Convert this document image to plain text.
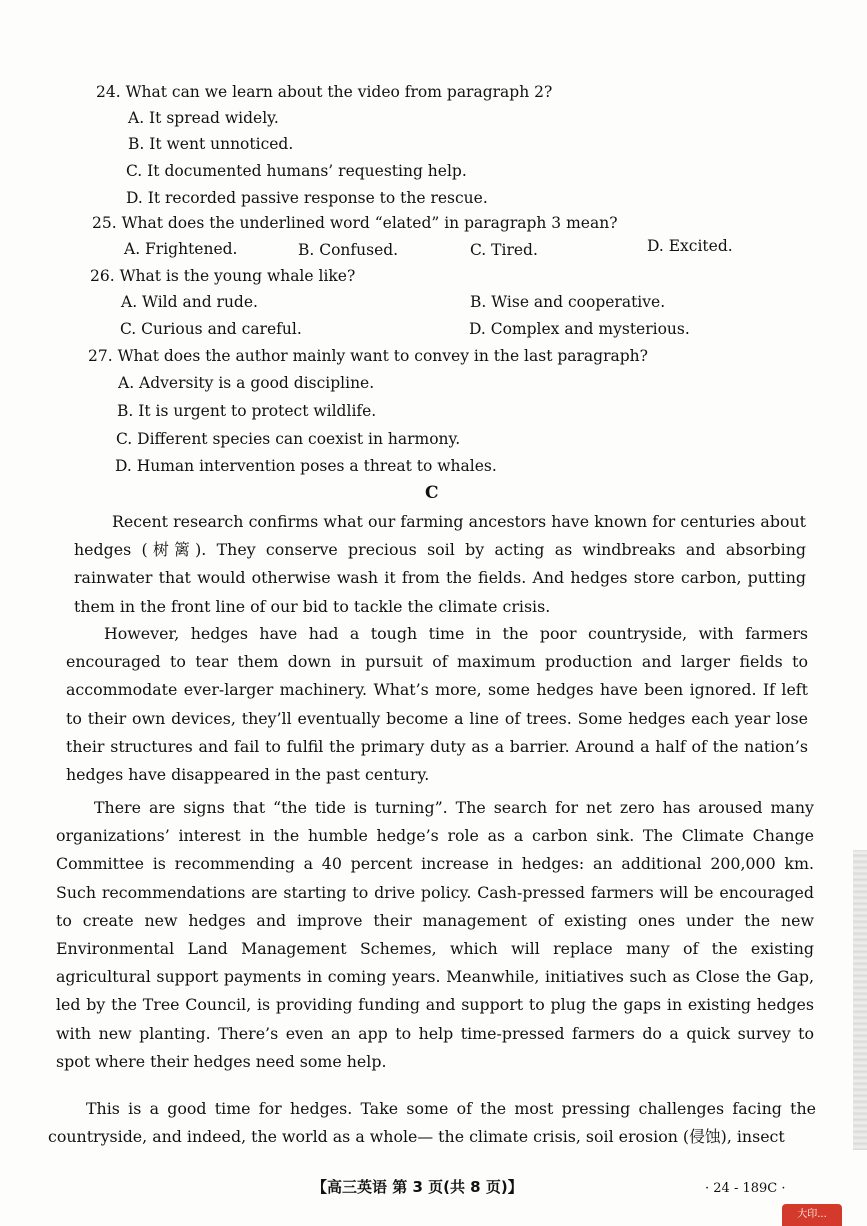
24. What can we learn about the video from paragraph 2?
A. It spread widely.
B. It went unnoticed.
C. It documented humans’ requesting help.
D. It recorded passive response to the rescue.
25. What does the underlined word “elated” in paragraph 3 mean?
A. Frightened.	B. Confused.	C. Tired.	D. Excited.
26. What is the young whale like?
A. Wild and rude.	B. Wise and cooperative.
C. Curious and careful.	D. Complex and mysterious.
27. What does the author mainly want to convey in the last paragraph?
A. Adversity is a good discipline.
B. It is urgent to protect wildlife.
C. Different species can coexist in harmony.
D. Human intervention poses a threat to whales.
C
Recent research confirms what our farming ancestors have known for centuries about hedges (树篱). They conserve precious soil by acting as windbreaks and absorbing rainwater that would otherwise wash it from the fields. And hedges store carbon, putting them in the front line of our bid to tackle the climate crisis.
However, hedges have had a tough time in the poor countryside, with farmers encouraged to tear them down in pursuit of maximum production and larger fields to accommodate ever-larger machinery. What’s more, some hedges have been ignored. If left to their own devices, they’ll eventually become a line of trees. Some hedges each year lose their structures and fail to fulfil the primary duty as a barrier. Around a half of the nation’s hedges have disappeared in the past century.
There are signs that “the tide is turning”. The search for net zero has aroused many organizations’ interest in the humble hedge’s role as a carbon sink. The Climate Change Committee is recommending a 40 percent increase in hedges: an additional 200,000 km. Such recommendations are starting to drive policy. Cash-pressed farmers will be encouraged to create new hedges and improve their management of existing ones under the new Environmental Land Management Schemes, which will replace many of the existing agricultural support payments in coming years. Meanwhile, initiatives such as Close the Gap, led by the Tree Council, is providing funding and support to plug the gaps in existing hedges with new planting. There’s even an app to help time-pressed farmers do a quick survey to spot where their hedges need some help.
This is a good time for hedges. Take some of the most pressing challenges facing the countryside, and indeed, the world as a whole— the climate crisis, soil erosion (侵蚀), insect
【高三英语 第 3 页(共 8 页)】	· 24 - 189C ·
大印...
